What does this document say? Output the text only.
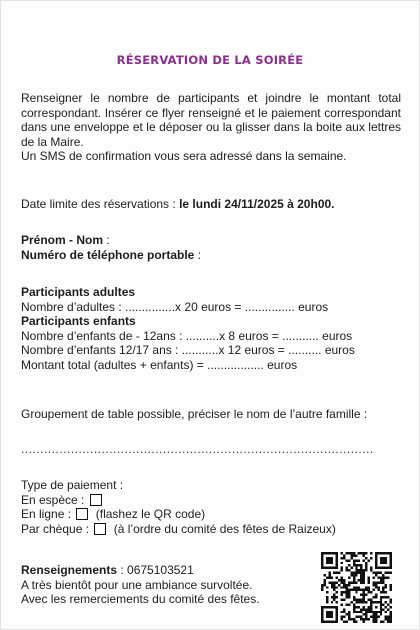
RÉSERVATION DE LA SOIRÉE

Renseigner le nombre de participants et joindre le montant total correspondant. Insérer ce flyer renseigné et le paiement correspondant dans une enveloppe et le déposer ou la glisser dans la boite aux lettres de la Maire.

Un SMS de confirmation vous sera adressé dans la semaine.

Date limite des réservations : le lundi 24/11/2025 à 20h00.
Prénom - Nom :
Numéro de téléphone portable :
Participants adultes
Nombre d’adultes : ...............x 20 euros = ............... euros
Participants enfants
Nombre d’enfants de - 12ans : ..........x 8 euros = ........... euros
Nombre d’enfants 12/17 ans : ...........x 12 euros = .......... euros
Montant total (adultes + enfants) = ................. euros
Groupement de table possible, préciser le nom de l’autre famille :
............................................................................................
Type de paiement :
En espèce :
En ligne : (flashez le QR code)
Par chèque : (à l’ordre du comité des fêtes de Raizeux)
Renseignements : 0675103521
A très bientôt pour une ambiance survoltée.
Avec les remerciements du comité des fêtes.
